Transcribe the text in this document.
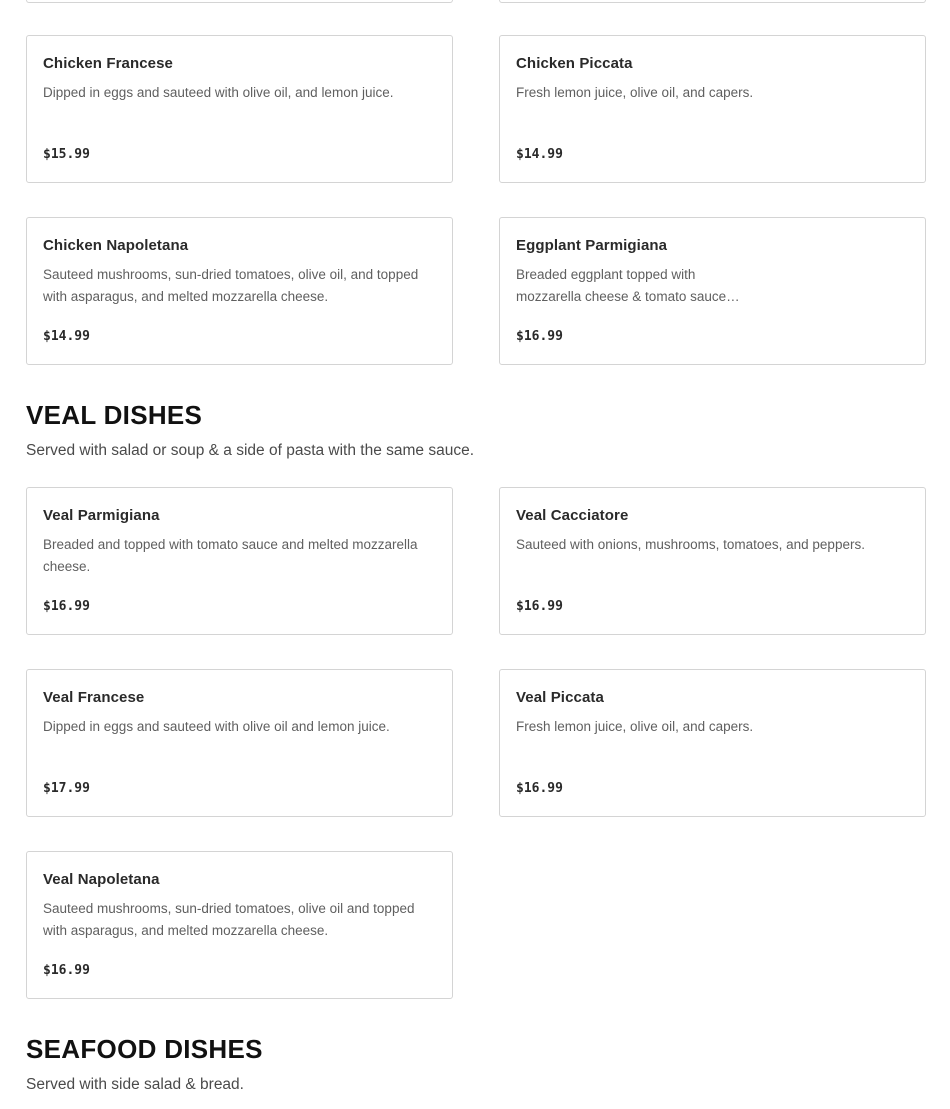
Chicken Francese
Dipped in eggs and sauteed with olive oil, and lemon juice.
$15.99
Chicken Piccata
Fresh lemon juice, olive oil, and capers.
$14.99
Chicken Napoletana
Sauteed mushrooms, sun-dried tomatoes, olive oil, and topped with asparagus, and melted mozzarella cheese.
$14.99
Eggplant Parmigiana
Breaded eggplant topped with mozzarella cheese & tomato sauce…
$16.99
VEAL DISHES
Served with salad or soup & a side of pasta with the same sauce.
Veal Parmigiana
Breaded and topped with tomato sauce and melted mozzarella cheese.
$16.99
Veal Cacciatore
Sauteed with onions, mushrooms, tomatoes, and peppers.
$16.99
Veal Francese
Dipped in eggs and sauteed with olive oil and lemon juice.
$17.99
Veal Piccata
Fresh lemon juice, olive oil, and capers.
$16.99
Veal Napoletana
Sauteed mushrooms, sun-dried tomatoes, olive oil and topped with asparagus, and melted mozzarella cheese.
$16.99
SEAFOOD DISHES
Served with side salad & bread.
